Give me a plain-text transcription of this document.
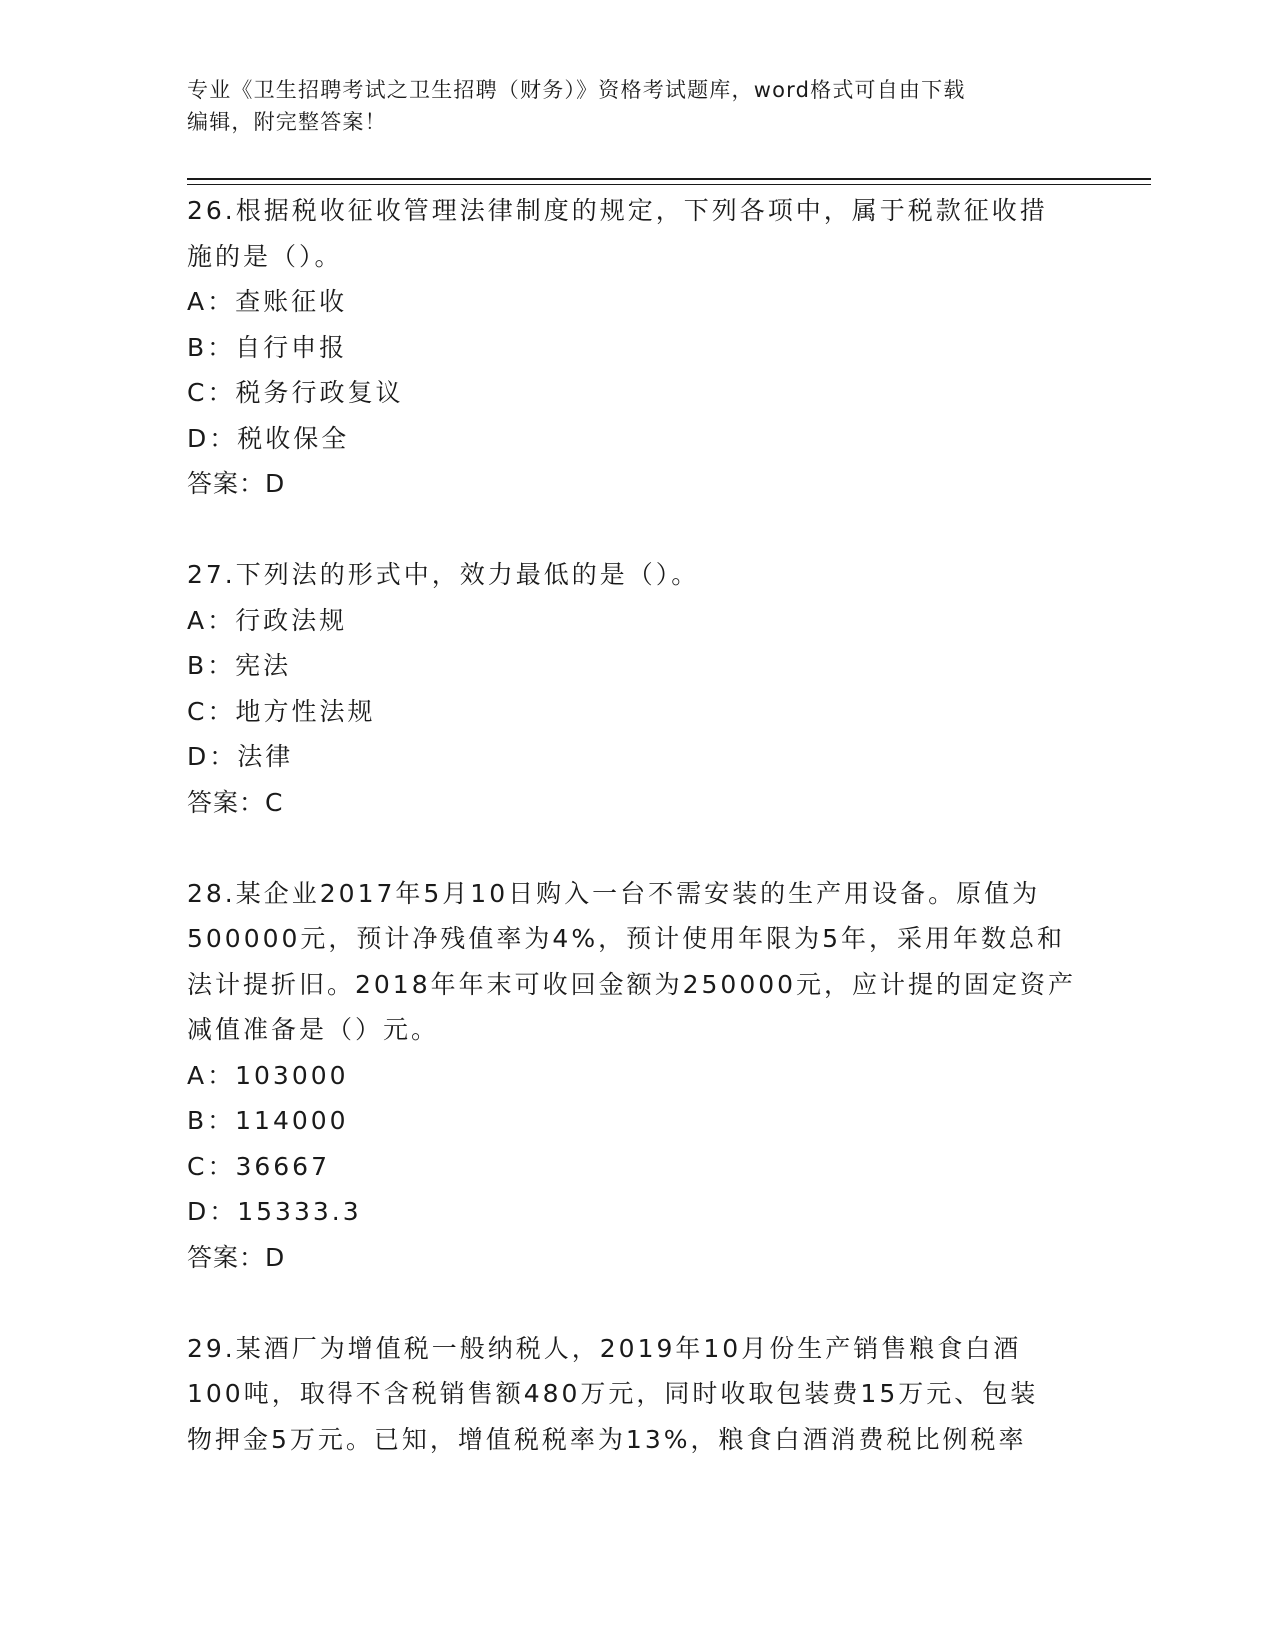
专业《卫生招聘考试之卫生招聘（财务）》资格考试题库，word格式可自由下载
编辑，附完整答案！
26.根据税收征收管理法律制度的规定，下列各项中，属于税款征收措
施的是（）。
A：查账征收
B：自行申报
C：税务行政复议
D：税收保全
答案：D
27.下列法的形式中，效力最低的是（）。
A：行政法规
B：宪法
C：地方性法规
D：法律
答案：C
28.某企业2017年5月10日购入一台不需安装的生产用设备。原值为
500000元，预计净残值率为4%，预计使用年限为5年，采用年数总和
法计提折旧。2018年年末可收回金额为250000元，应计提的固定资产
减值准备是（）元。
A：103000
B：114000
C：36667
D：15333.3
答案：D
29.某酒厂为增值税一般纳税人，2019年10月份生产销售粮食白酒
100吨，取得不含税销售额480万元，同时收取包装费15万元、包装
物押金5万元。已知，增值税税率为13%，粮食白酒消费税比例税率
